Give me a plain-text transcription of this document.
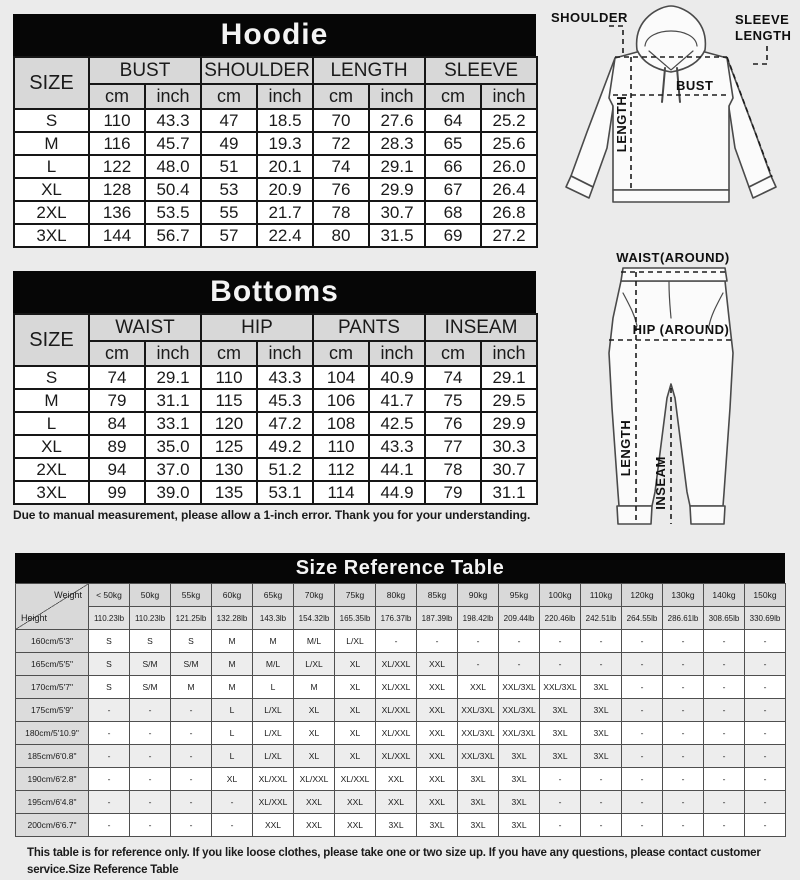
Hoodie
SIZE	BUST		SHOULDER		LENGTH		SLEEVE	
	cm	inch	cm	inch	cm	inch	cm	inch
S	110	43.3	47	18.5	70	27.6	64	25.2
M	116	45.7	49	19.3	72	28.3	65	25.6
L	122	48.0	51	20.1	74	29.1	66	26.0
XL	128	50.4	53	20.9	76	29.9	67	26.4
2XL	136	53.5	55	21.7	78	30.7	68	26.8
3XL	144	56.7	57	22.4	80	31.5	69	27.2
Bottoms
SIZE	WAIST		HIP		PANTS		INSEAM	
	cm	inch	cm	inch	cm	inch	cm	inch
S	74	29.1	110	43.3	104	40.9	74	29.1
M	79	31.1	115	45.3	106	41.7	75	29.5
L	84	33.1	120	47.2	108	42.5	76	29.9
XL	89	35.0	125	49.2	110	43.3	77	30.3
2XL	94	37.0	130	51.2	112	44.1	78	30.7
3XL	99	39.0	135	53.1	114	44.9	79	31.1
Due to manual measurement, please allow a 1-inch error. Thank you for your understanding.
SHOULDER	SLEEVE
LENGTH
BUST
LENGTH
WAIST(AROUND)
HIP (AROUND)
LENGTH
INSEAM
Size Reference Table
Weight
Height	< 50kg	50kg	55kg	60kg	65kg	70kg	75kg	80kg	85kg	90kg	95kg	100kg	110kg	120kg	130kg	140kg	150kg
	110.23lb	110.23lb	121.25lb	132.28lb	143.3lb	154.32lb	165.35lb	176.37lb	187.39lb	198.42lb	209.44lb	220.46lb	242.51lb	264.55lb	286.61lb	308.65lb	330.69lb
160cm/5'3"	S	S	S	M	M	M/L	L/XL	-	-	-	-	-	-	-	-	-	-
165cm/5'5"	S	S/M	S/M	M	M/L	L/XL	XL	XL/XXL	XXL	-	-	-	-	-	-	-	-
170cm/5'7"	S	S/M	M	M	L	M	XL	XL/XXL	XXL	XXL	XXL/3XL	XXL/3XL	3XL	-	-	-	-
175cm/5'9"	-	-	-	L	L/XL	XL	XL	XL/XXL	XXL	XXL/3XL	XXL/3XL	3XL	3XL	-	-	-	-
180cm/5'10.9"	-	-	-	L	L/XL	XL	XL	XL/XXL	XXL	XXL/3XL	XXL/3XL	3XL	3XL	-	-	-	-
185cm/6'0.8"	-	-	-	L	L/XL	XL	XL	XL/XXL	XXL	XXL/3XL	3XL	3XL	3XL	-	-	-	-
190cm/6'2.8"	-	-	-	XL	XL/XXL	XL/XXL	XL/XXL	XXL	XXL	3XL	3XL	-	-	-	-	-	-
195cm/6'4.8"	-	-	-	-	XL/XXL	XXL	XXL	XXL	XXL	3XL	3XL	-	-	-	-	-	-
200cm/6'6.7"	-	-	-	-	XXL	XXL	XXL	3XL	3XL	3XL	3XL	-	-	-	-	-	-
This table is for reference only. If you like loose clothes, please take one or two size up. If you have any questions, please contact customer service.Size Reference Table
